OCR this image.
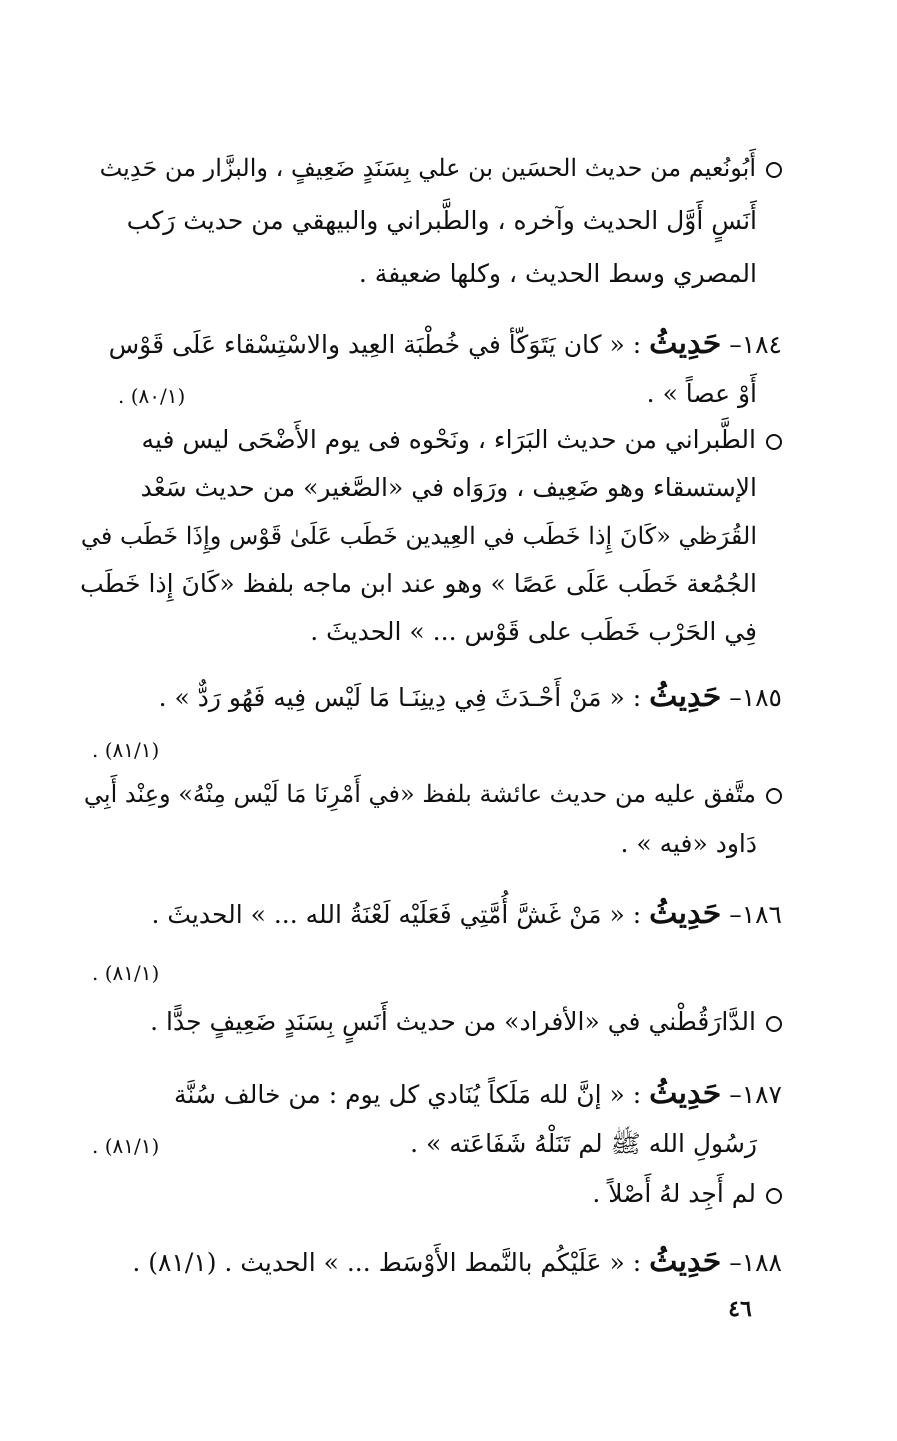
أَبُونُعيم من حديث الحسَين بن علي بِسَنَدٍ ضَعِيفٍ ، والبزَّار من حَدِيث
أَنَسٍ أَوَّل الحديث وآخره ، والطَّبراني والبيهقي من حديث رَكب
المصري وسط الحديث ، وكلها ضعيفة .
١٨٤– حَدِيثُ : « كان يَتَوَكّأ في خُطْبَة العِيد والاسْتِسْقاء عَلَى قَوْس
أَوْ عصاً » .
(٨٠/١) .
الطَّبراني من حديث البَرَاء ، ونَحْوه فى يوم الأَضْحَى ليس فيه
الإستسقاء وهو ضَعِيف ، ورَوَاه في «الصَّغير» من حديث سَعْد
القُرَظي «كَانَ إِذا خَطَب في العِيدين خَطَب عَلَىٰ قَوْس وإِذَا خَطَب في
الجُمُعة خَطَب عَلَى عَصًا » وهو عند ابن ماجه بلفظ «كَانَ إِذا خَطَب
فِي الحَرْب خَطَب على قَوْس ... » الحديثَ .
١٨٥– حَدِيثُ : « مَنْ أَحْـدَثَ فِي دِينِنَـا مَا لَيْس فِيه فَهُو رَدٌّ » .
(٨١/١) .
متَّفق عليه من حديث عائشة بلفظ «في أَمْرِنَا مَا لَيْس مِنْهُ» وعِنْد أَبِي
دَاود «فيه » .
١٨٦– حَدِيثُ : « مَنْ غَشَّ أُمَّتِي فَعَلَيْه لَعْنَةُ الله ... » الحديثَ .
(٨١/١) .
الدَّارَقُطْني في «الأفراد» من حديث أَنَسٍ بِسَنَدٍ ضَعِيفٍ جدًّا .
١٨٧– حَدِيثُ : « إنَّ لله مَلَكاً يُنَادي كل يوم : من خالف سُنَّة
رَسُولِ الله ﷺ لم تَنَلْهُ شَفَاعَته » .
(٨١/١) .
لم أَجِد لهُ أَصْلاً .
١٨٨– حَدِيثُ : « عَلَيْكُم بالنَّمط الأَوْسَط ... » الحديث . (٨١/١) .
٤٦
